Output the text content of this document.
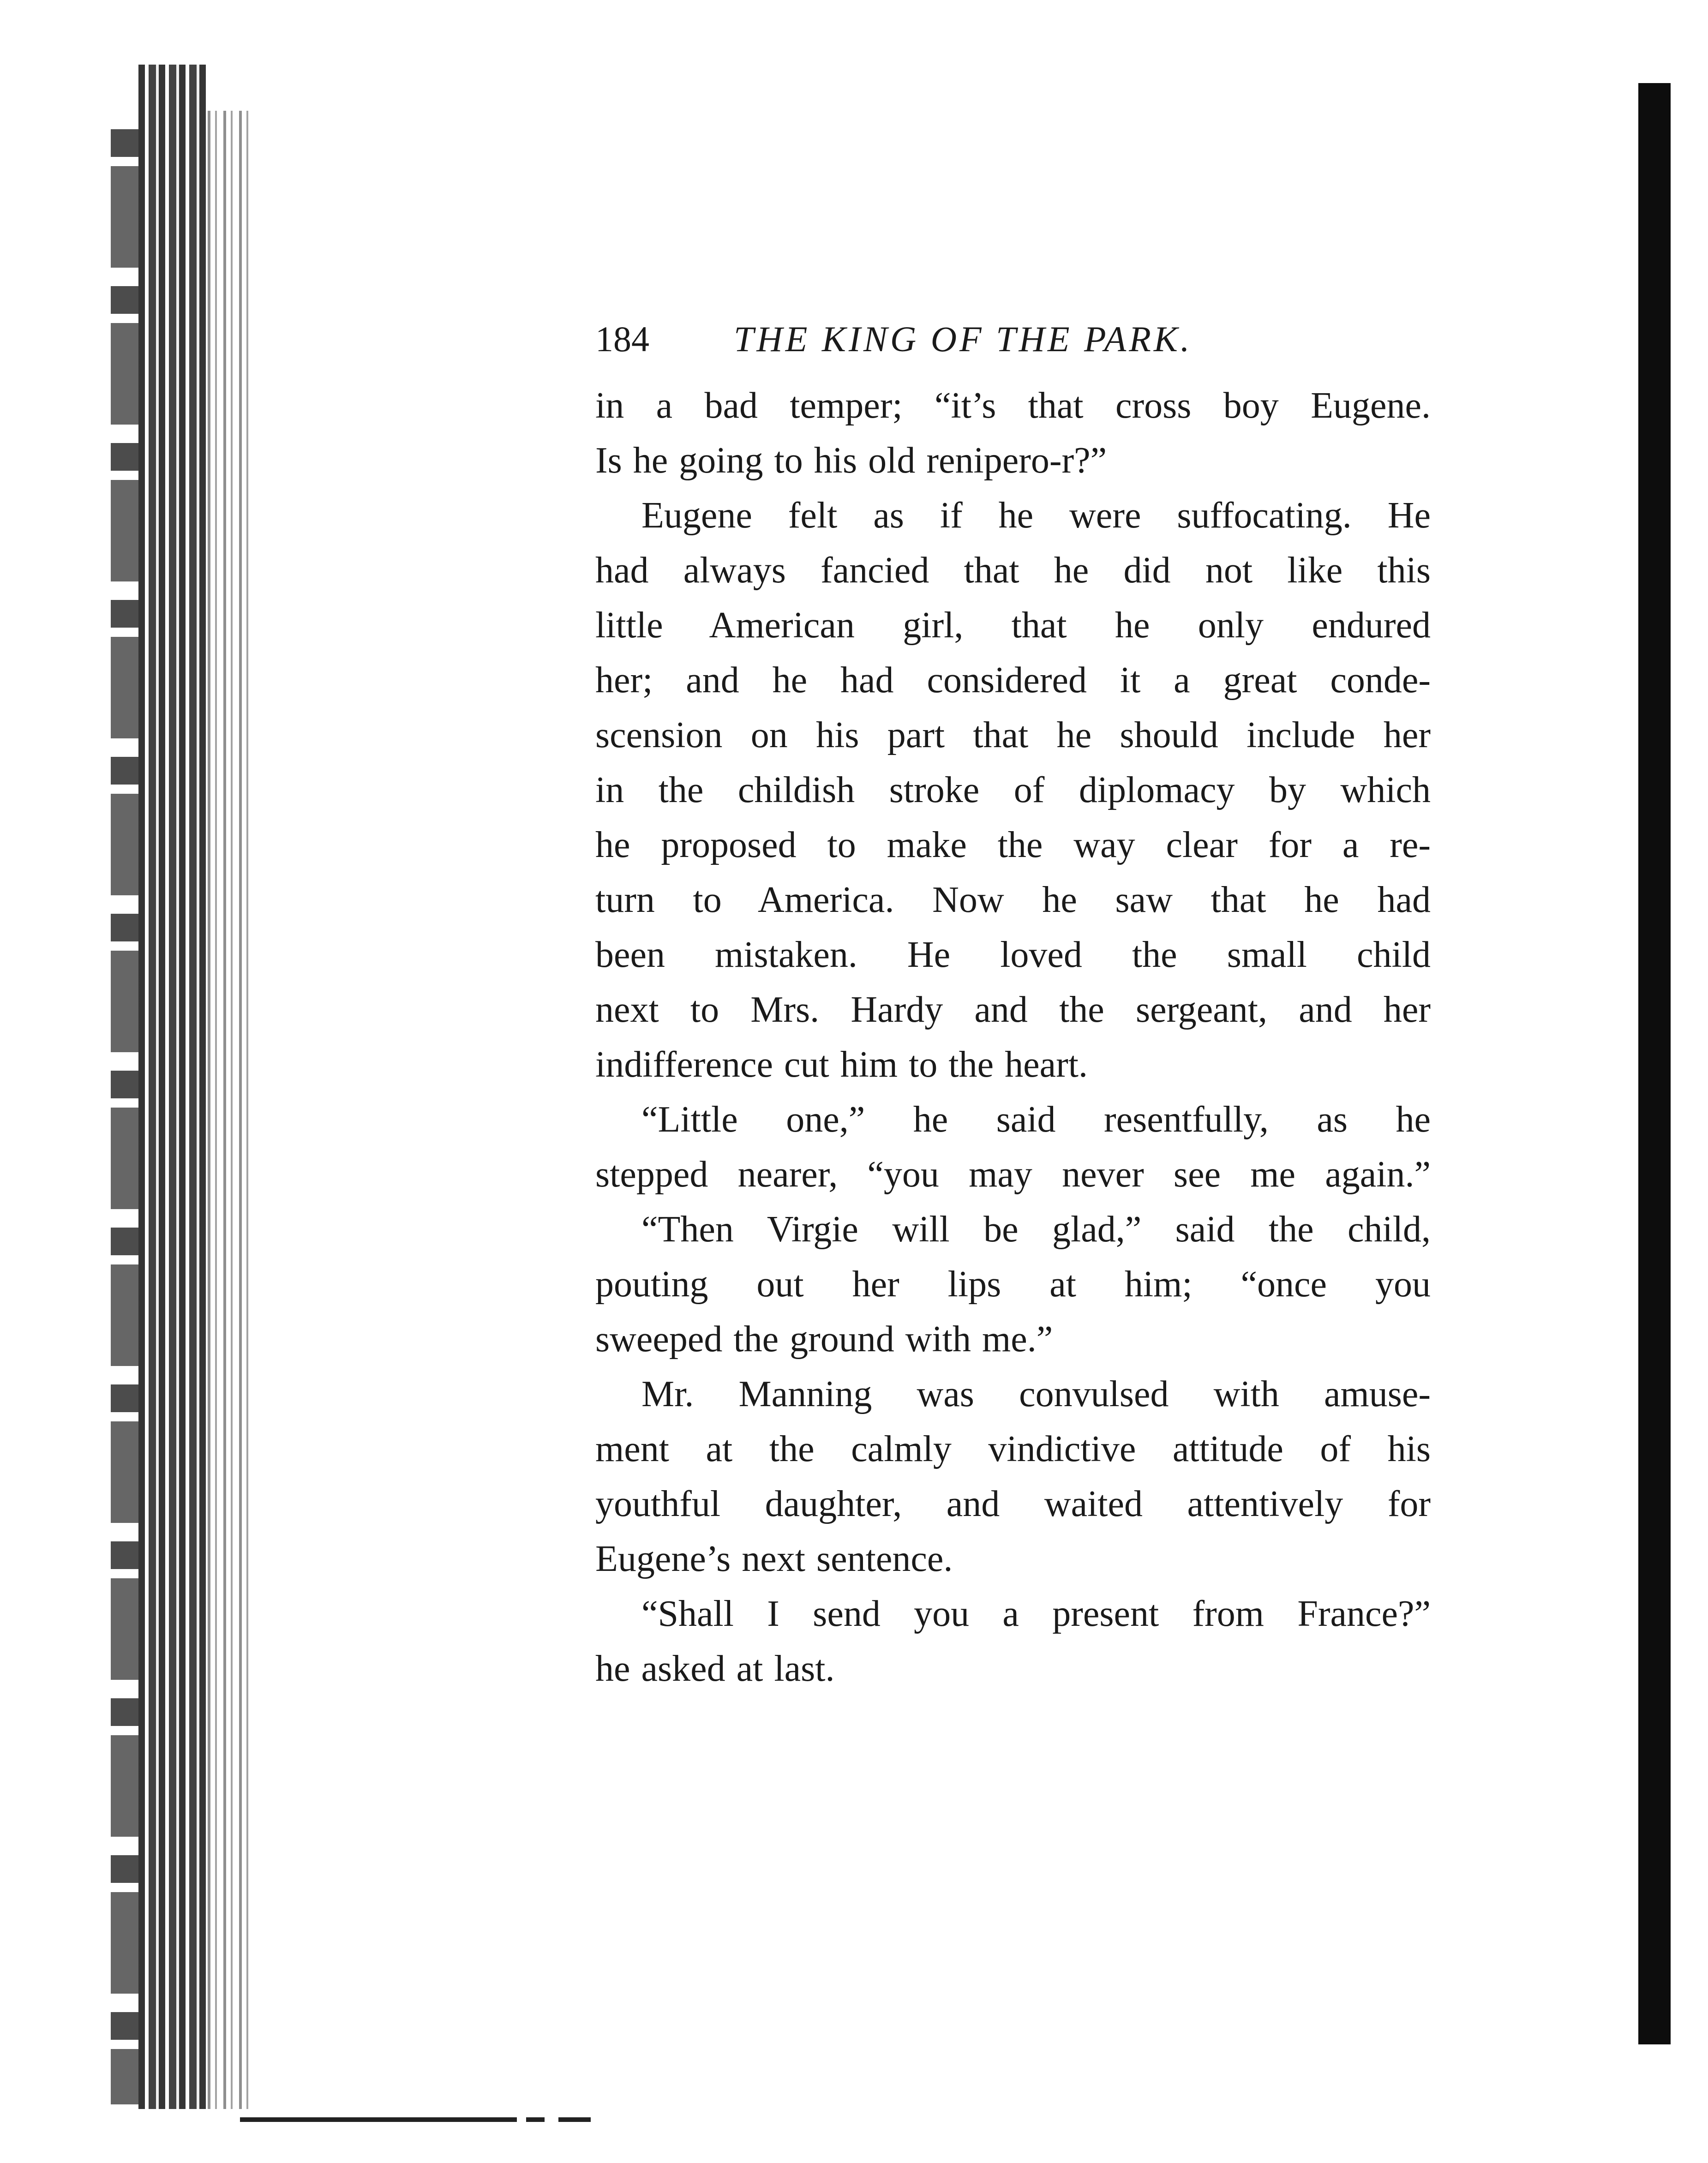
184	THE KING OF THE PARK.
in a bad temper; “it’s that cross boy Eugene.
Is he going to his old renipero-r?”
Eugene felt as if he were suffocating. He
had always fancied that he did not like this
little American girl, that he only endured
her; and he had considered it a great conde-
scension on his part that he should include her
in the childish stroke of diplomacy by which
he proposed to make the way clear for a re-
turn to America. Now he saw that he had
been mistaken. He loved the small child
next to Mrs. Hardy and the sergeant, and her
indifference cut him to the heart.
“Little one,” he said resentfully, as he
stepped nearer, “you may never see me again.”
“Then Virgie will be glad,” said the child,
pouting out her lips at him; “once you
sweeped the ground with me.”
Mr. Manning was convulsed with amuse-
ment at the calmly vindictive attitude of his
youthful daughter, and waited attentively for
Eugene’s next sentence.
“Shall I send you a present from France?”
he asked at last.
